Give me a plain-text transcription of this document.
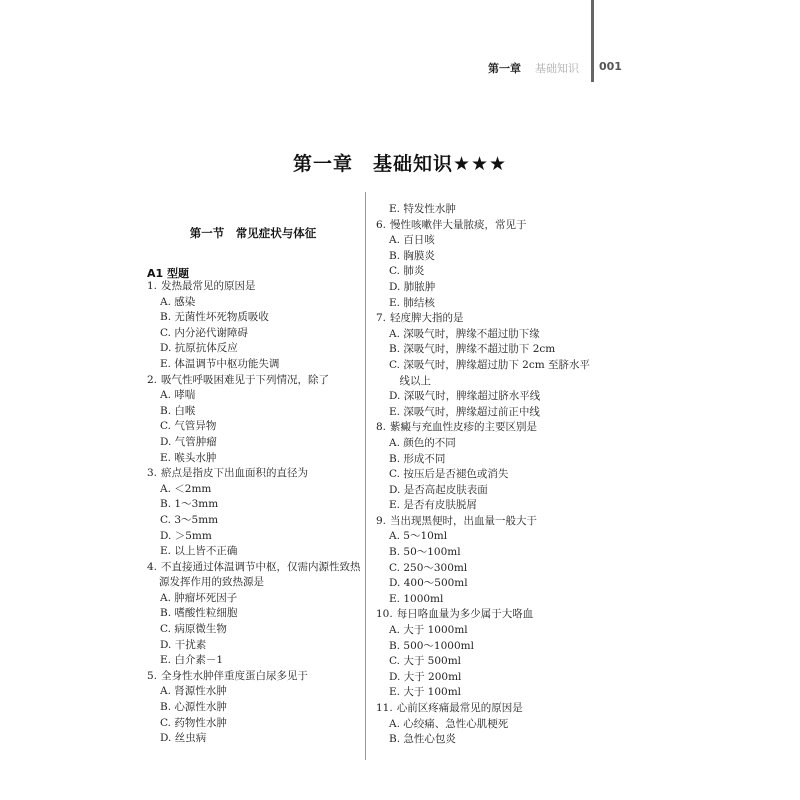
第一章 基础知识 001
第一章　基础知识★★★
第一节　常见症状与体征
A1 型题
1. 发热最常见的原因是
A. 感染
B. 无菌性坏死物质吸收
C. 内分泌代谢障碍
D. 抗原抗体反应
E. 体温调节中枢功能失调
2. 吸气性呼吸困难见于下列情况，除了
A. 哮喘
B. 白喉
C. 气管异物
D. 气管肿瘤
E. 喉头水肿
3. 瘀点是指皮下出血面积的直径为
A. ＜2mm
B. 1～3mm
C. 3～5mm
D. ＞5mm
E. 以上皆不正确
4. 不直接通过体温调节中枢，仅需内源性致热
源发挥作用的致热源是
A. 肿瘤坏死因子
B. 嗜酸性粒细胞
C. 病原微生物
D. 干扰素
E. 白介素－1
5. 全身性水肿伴重度蛋白尿多见于
A. 肾源性水肿
B. 心源性水肿
C. 药物性水肿
D. 丝虫病
E. 特发性水肿
6. 慢性咳嗽伴大量脓痰，常见于
A. 百日咳
B. 胸膜炎
C. 肺炎
D. 肺脓肿
E. 肺结核
7. 轻度脾大指的是
A. 深吸气时，脾缘不超过肋下缘
B. 深吸气时，脾缘不超过肋下 2cm
C. 深吸气时，脾缘超过肋下 2cm 至脐水平
　线以上
D. 深吸气时，脾缘超过脐水平线
E. 深吸气时，脾缘超过前正中线
8. 紫癜与充血性皮疹的主要区别是
A. 颜色的不同
B. 形成不同
C. 按压后是否褪色或消失
D. 是否高起皮肤表面
E. 是否有皮肤脱屑
9. 当出现黑便时，出血量一般大于
A. 5～10ml
B. 50～100ml
C. 250～300ml
D. 400～500ml
E. 1000ml
10. 每日咯血量为多少属于大咯血
A. 大于 1000ml
B. 500～1000ml
C. 大于 500ml
D. 大于 200ml
E. 大于 100ml
11. 心前区疼痛最常见的原因是
A. 心绞痛、急性心肌梗死
B. 急性心包炎
